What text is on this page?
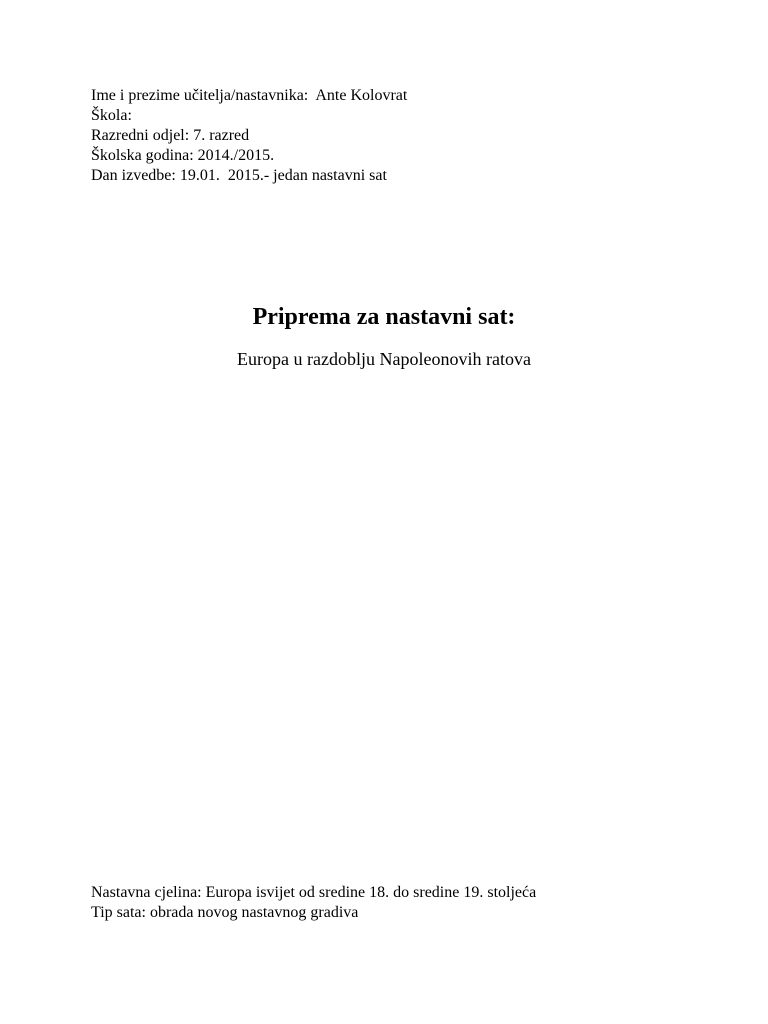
Ime i prezime učitelja/nastavnika:  Ante Kolovrat
Škola:
Razredni odjel: 7. razred
Školska godina: 2014./2015.
Dan izvedbe: 19.01.  2015.- jedan nastavni sat
Priprema za nastavni sat:
Europa u razdoblju Napoleonovih ratova
Nastavna cjelina: Europa isvijet od sredine 18. do sredine 19. stoljeća
Tip sata: obrada novog nastavnog gradiva
